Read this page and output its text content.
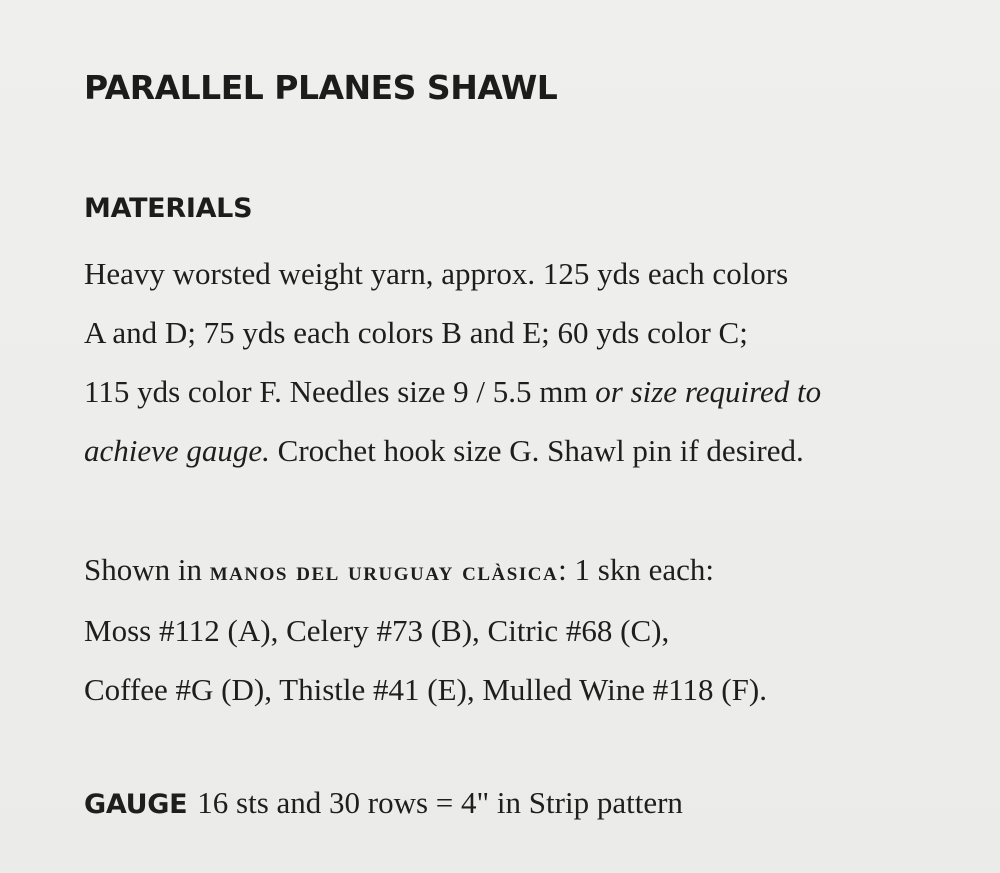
PARALLEL PLANES SHAWL
MATERIALS
Heavy worsted weight yarn, approx. 125 yds each colors
A and D; 75 yds each colors B and E; 60 yds color C;
115 yds color F. Needles size 9 / 5.5 mm or size required to
achieve gauge. Crochet hook size G. Shawl pin if desired.
Shown in manos del uruguay clàsica: 1 skn each:
Moss #112 (A), Celery #73 (B), Citric #68 (C),
Coffee #G (D), Thistle #41 (E), Mulled Wine #118 (F).
GAUGE 16 sts and 30 rows = 4" in Strip pattern
